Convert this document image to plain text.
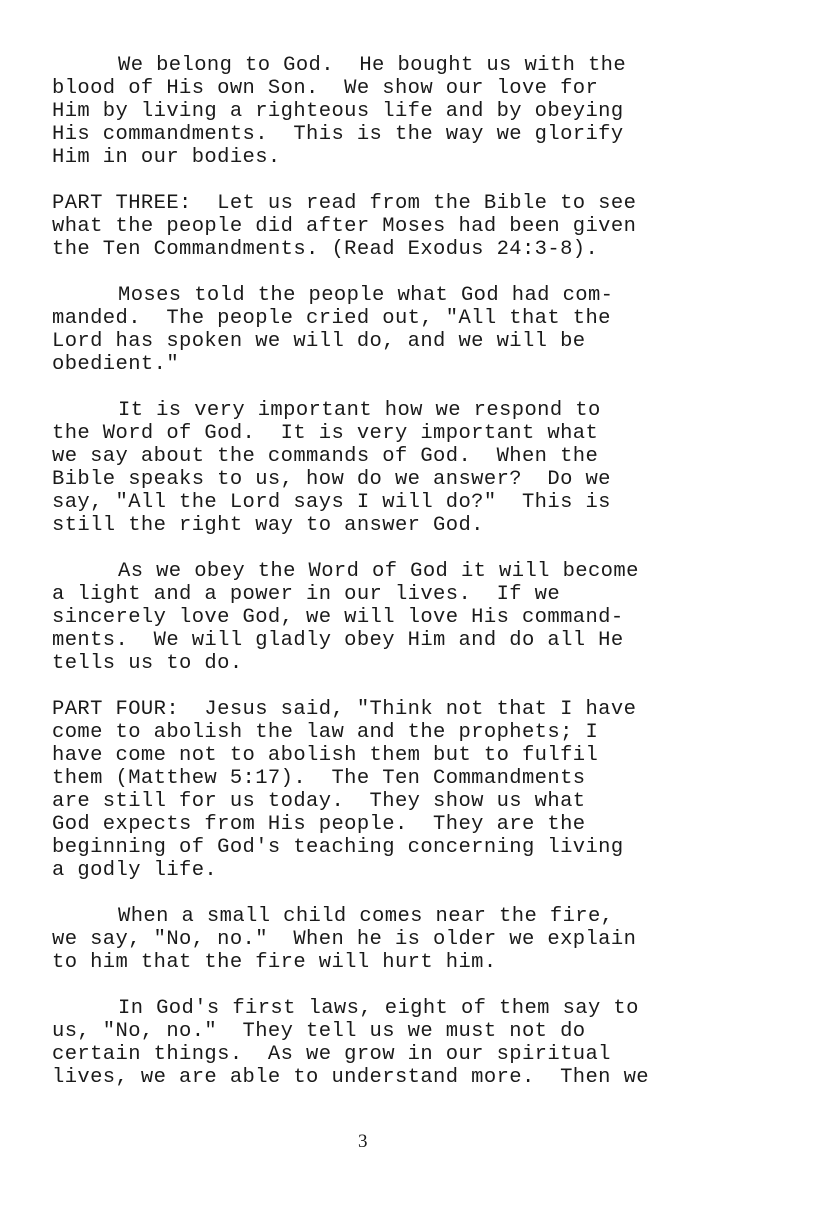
We belong to God.  He bought us with the
blood of His own Son.  We show our love for
Him by living a righteous life and by obeying
His commandments.  This is the way we glorify
Him in our bodies.
PART THREE:  Let us read from the Bible to see
what the people did after Moses had been given
the Ten Commandments. (Read Exodus 24:3-8).
Moses told the people what God had com-
manded.  The people cried out, "All that the
Lord has spoken we will do, and we will be
obedient."
It is very important how we respond to
the Word of God.  It is very important what
we say about the commands of God.  When the
Bible speaks to us, how do we answer?  Do we
say, "All the Lord says I will do?"  This is
still the right way to answer God.
As we obey the Word of God it will become
a light and a power in our lives.  If we
sincerely love God, we will love His command-
ments.  We will gladly obey Him and do all He
tells us to do.
PART FOUR:  Jesus said, "Think not that I have
come to abolish the law and the prophets; I
have come not to abolish them but to fulfil
them (Matthew 5:17).  The Ten Commandments
are still for us today.  They show us what
God expects from His people.  They are the
beginning of God's teaching concerning living
a godly life.
When a small child comes near the fire,
we say, "No, no."  When he is older we explain
to him that the fire will hurt him.
In God's first laws, eight of them say to
us, "No, no."  They tell us we must not do
certain things.  As we grow in our spiritual
lives, we are able to understand more.  Then we
3
